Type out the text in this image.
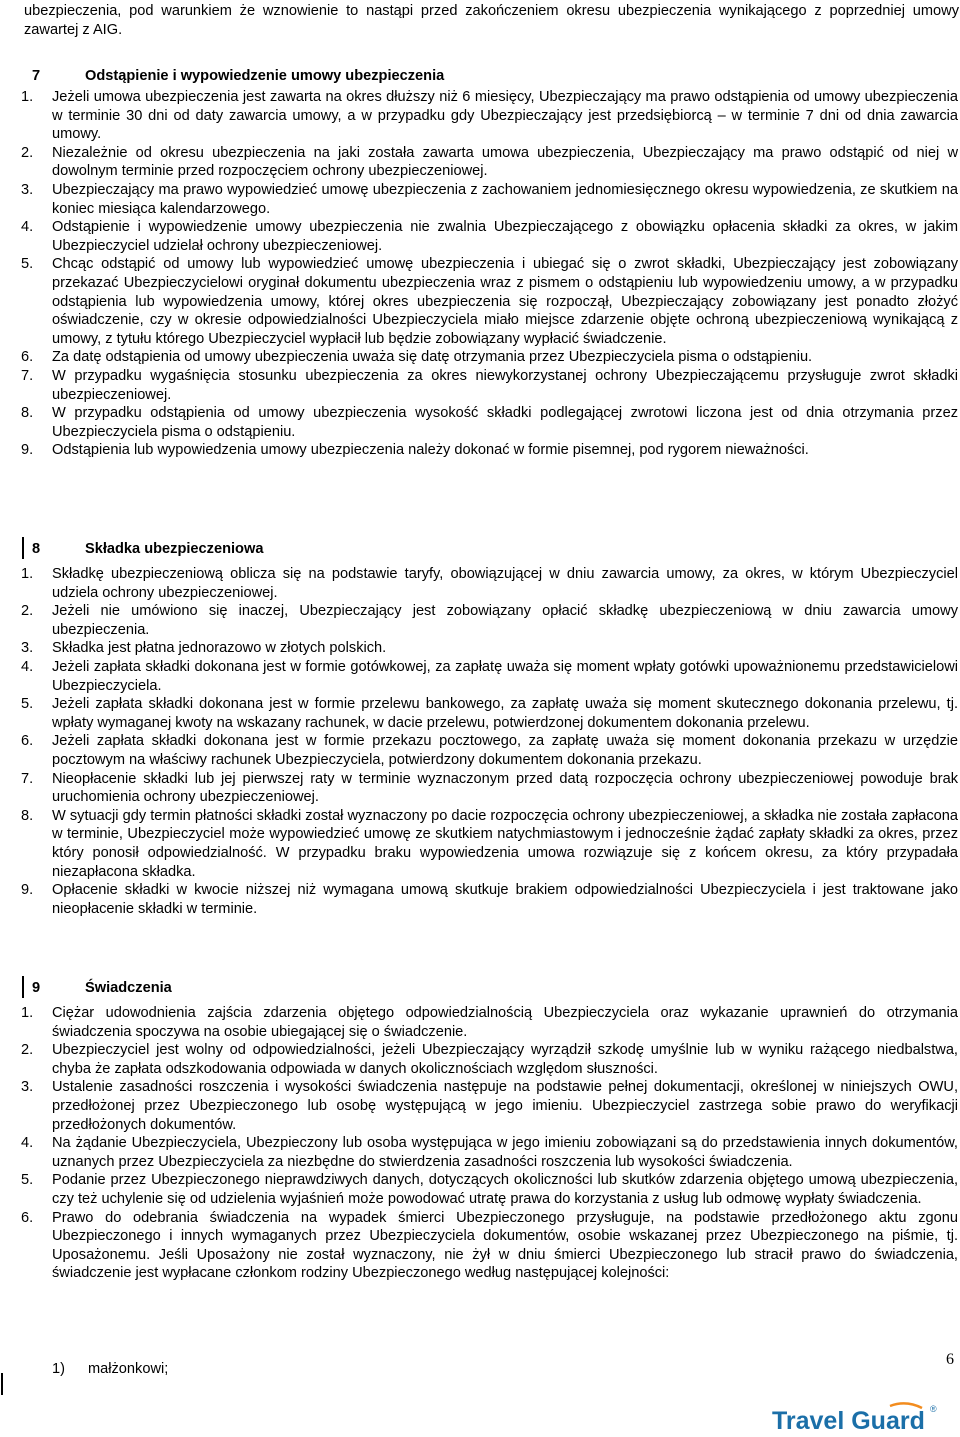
ubezpieczenia, pod warunkiem że wznowienie to nastąpi przed zakończeniem okresu ubezpieczenia wynikającego z poprzedniej umowy zawartej z AIG.

7	Odstąpienie i wypowiedzenie umowy ubezpieczenia
1. Jeżeli umowa ubezpieczenia jest zawarta na okres dłuższy niż 6 miesięcy, Ubezpieczający ma prawo odstąpienia od umowy ubezpieczenia w terminie 30 dni od daty zawarcia umowy, a w przypadku gdy Ubezpieczający jest przedsiębiorcą – w terminie 7 dni od dnia zawarcia umowy.
2. Niezależnie od okresu ubezpieczenia na jaki została zawarta umowa ubezpieczenia, Ubezpieczający ma prawo odstąpić od niej w dowolnym terminie przed rozpoczęciem ochrony ubezpieczeniowej.
3. Ubezpieczający ma prawo wypowiedzieć umowę ubezpieczenia z zachowaniem jednomiesięcznego okresu wypowiedzenia, ze skutkiem na koniec miesiąca kalendarzowego.
4. Odstąpienie i wypowiedzenie umowy ubezpieczenia nie zwalnia Ubezpieczającego z obowiązku opłacenia składki za okres, w jakim Ubezpieczyciel udzielał ochrony ubezpieczeniowej.
5. Chcąc odstąpić od umowy lub wypowiedzieć umowę ubezpieczenia i ubiegać się o zwrot składki, Ubezpieczający jest zobowiązany przekazać Ubezpieczycielowi oryginał dokumentu ubezpieczenia wraz z pismem o odstąpieniu lub wypowiedzeniu umowy, a w przypadku odstąpienia lub wypowiedzenia umowy, której okres ubezpieczenia się rozpoczął, Ubezpieczający zobowiązany jest ponadto złożyć oświadczenie, czy w okresie odpowiedzialności Ubezpieczyciela miało miejsce zdarzenie objęte ochroną ubezpieczeniową wynikającą z umowy, z tytułu którego Ubezpieczyciel wypłacił lub będzie zobowiązany wypłacić świadczenie.
6. Za datę odstąpienia od umowy ubezpieczenia uważa się datę otrzymania przez Ubezpieczyciela pisma o odstąpieniu.
7. W przypadku wygaśnięcia stosunku ubezpieczenia za okres niewykorzystanej ochrony Ubezpieczającemu przysługuje zwrot składki ubezpieczeniowej.
8. W przypadku odstąpienia od umowy ubezpieczenia wysokość składki podlegającej zwrotowi liczona jest od dnia otrzymania przez Ubezpieczyciela pisma o odstąpieniu.
9. Odstąpienia lub wypowiedzenia umowy ubezpieczenia należy dokonać w formie pisemnej, pod rygorem nieważności.
8	Składka ubezpieczeniowa
1. Składkę ubezpieczeniową oblicza się na podstawie taryfy, obowiązującej w dniu zawarcia umowy, za okres, w którym Ubezpieczyciel udziela ochrony ubezpieczeniowej.
2. Jeżeli nie umówiono się inaczej, Ubezpieczający jest zobowiązany opłacić składkę ubezpieczeniową w dniu zawarcia umowy ubezpieczenia.
3. Składka jest płatna jednorazowo w złotych polskich.
4. Jeżeli zapłata składki dokonana jest w formie gotówkowej, za zapłatę uważa się moment wpłaty gotówki upoważnionemu przedstawicielowi Ubezpieczyciela.
5. Jeżeli zapłata składki dokonana jest w formie przelewu bankowego, za zapłatę uważa się moment skutecznego dokonania przelewu, tj. wpłaty wymaganej kwoty na wskazany rachunek, w dacie przelewu, potwierdzonej dokumentem dokonania przelewu.
6. Jeżeli zapłata składki dokonana jest w formie przekazu pocztowego, za zapłatę uważa się moment dokonania przekazu w urzędzie pocztowym na właściwy rachunek Ubezpieczyciela, potwierdzony dokumentem dokonania przekazu.
7. Nieopłacenie składki lub jej pierwszej raty w terminie wyznaczonym przed datą rozpoczęcia ochrony ubezpieczeniowej powoduje brak uruchomienia ochrony ubezpieczeniowej.
8. W sytuacji gdy termin płatności składki został wyznaczony po dacie rozpoczęcia ochrony ubezpieczeniowej, a składka nie została zapłacona w terminie, Ubezpieczyciel może wypowiedzieć umowę ze skutkiem natychmiastowym i jednocześnie żądać zapłaty składki za okres, przez który ponosił odpowiedzialność. W przypadku braku wypowiedzenia umowa rozwiązuje się z końcem okresu, za który przypadała niezapłacona składka.
9. Opłacenie składki w kwocie niższej niż wymagana umową skutkuje brakiem odpowiedzialności Ubezpieczyciela i jest traktowane jako nieopłacenie składki w terminie.
9	Świadczenia
1. Ciężar udowodnienia zajścia zdarzenia objętego odpowiedzialnością Ubezpieczyciela oraz wykazanie uprawnień do otrzymania świadczenia spoczywa na osobie ubiegającej się o świadczenie.
2. Ubezpieczyciel jest wolny od odpowiedzialności, jeżeli Ubezpieczający wyrządził szkodę umyślnie lub w wyniku rażącego niedbalstwa, chyba że zapłata odszkodowania odpowiada w danych okolicznościach względom słuszności.
3. Ustalenie zasadności roszczenia i wysokości świadczenia następuje na podstawie pełnej dokumentacji, określonej w niniejszych OWU, przedłożonej przez Ubezpieczonego lub osobę występującą w jego imieniu. Ubezpieczyciel zastrzega sobie prawo do weryfikacji przedłożonych dokumentów.
4. Na żądanie Ubezpieczyciela, Ubezpieczony lub osoba występująca w jego imieniu zobowiązani są do przedstawienia innych dokumentów, uznanych przez Ubezpieczyciela za niezbędne do stwierdzenia zasadności roszczenia lub wysokości świadczenia.
5. Podanie przez Ubezpieczonego nieprawdziwych danych, dotyczących okoliczności lub skutków zdarzenia objętego umową ubezpieczenia, czy też uchylenie się od udzielenia wyjaśnień może powodować utratę prawa do korzystania z usług lub odmowę wypłaty świadczenia.
6. Prawo do odebrania świadczenia na wypadek śmierci Ubezpieczonego przysługuje, na podstawie przedłożonego aktu zgonu Ubezpieczonego i innych wymaganych przez Ubezpieczyciela dokumentów, osobie wskazanej przez Ubezpieczonego na piśmie, tj. Uposażonemu. Jeśli Uposażony nie został wyznaczony, nie żył w dniu śmierci Ubezpieczonego lub stracił prawo do świadczenia, świadczenie jest wypłacane członkom rodziny Ubezpieczonego według następującej kolejności:
1) małżonkowi;
6
Travel Guard ®
